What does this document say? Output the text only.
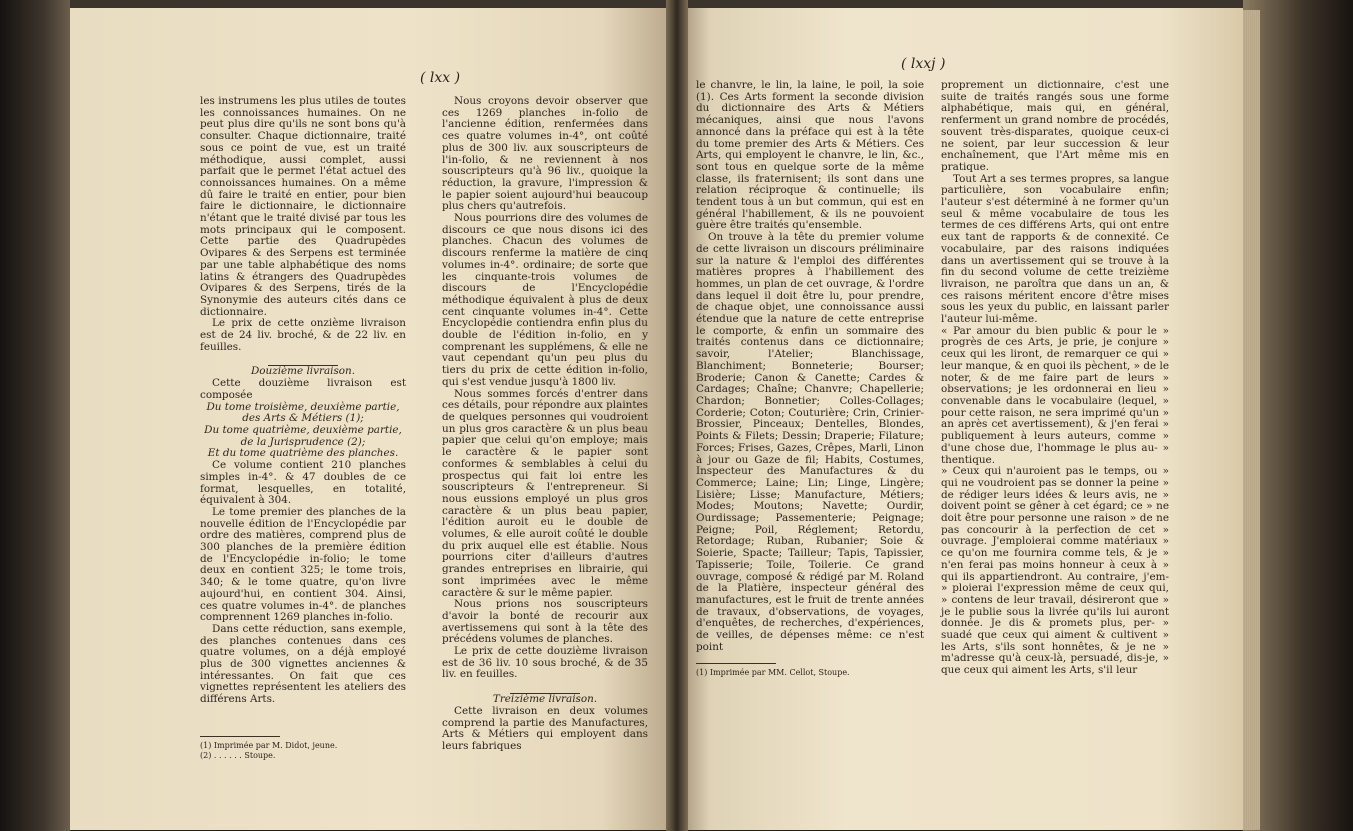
( lxx )

les instrumens les plus utiles de toutes les connoissances humaines. On ne peut plus dire qu'ils ne sont bons qu'à consulter. Chaque dictionnaire, traité sous ce point de vue, est un traité méthodique, aussi complet, aussi parfait que le permet l'état actuel des connoissances humaines. On a même dû faire le traité en entier, pour bien faire le dictionnaire, le dictionnaire n'étant que le traité divisé par tous les mots principaux qui le composent. Cette partie des Quadrupèdes Ovipares & des Serpens est terminée par une table alphabétique des noms latins & étrangers des Quadrupèdes Ovipares & des Serpens, tirés de la Synonymie des auteurs cités dans ce dictionnaire.

Le prix de cette onzième livraison est de 24 liv. broché, & de 22 liv. en feuilles.

Douzième livraison.

Cette douzième livraison est composée

Du tome troisième, deuxième partie, des Arts & Métiers (1);

Du tome quatrième, deuxième partie, de la Jurisprudence (2);

Et du tome quatrième des planches.

Ce volume contient 210 planches simples in-4°. & 47 doubles de ce format, lesquelles, en totalité, équivalent à 304.

Le tome premier des planches de la nouvelle édition de l'Encyclopédie par ordre des matières, comprend plus de 300 planches de la première édition de l'Encyclopédie in-folio; le tome deux en contient 325; le tome trois, 340; & le tome quatre, qu'on livre aujourd'hui, en contient 304. Ainsi, ces quatre volumes in-4°. de planches comprennent 1269 planches in-folio.

Dans cette réduction, sans exemple, des planches contenues dans ces quatre volumes, on a déjà employé plus de 300 vignettes anciennes & intéressantes. On fait que ces vignettes représentent les ateliers des différens Arts.

(1) Imprimée par M. Didot, jeune.

(2) . . . . . . Stoupe.

Nous croyons devoir observer que ces 1269 planches in-folio de l'ancienne édition, renfermées dans ces quatre volumes in-4°, ont coûté plus de 300 liv. aux souscripteurs de l'in-folio, & ne reviennent à nos souscripteurs qu'à 96 liv., quoique la réduction, la gravure, l'impression & le papier soient aujourd'hui beaucoup plus chers qu'autrefois.

Nous pourrions dire des volumes de discours ce que nous disons ici des planches. Chacun des volumes de discours renferme la matière de cinq volumes in-4°. ordinaire; de sorte que les cinquante-trois volumes de discours de l'Encyclopédie méthodique équivalent à plus de deux cent cinquante volumes in-4°. Cette Encyclopédie contiendra enfin plus du double de l'édition in-folio, en y comprenant les supplémens, & elle ne vaut cependant qu'un peu plus du tiers du prix de cette édition in-folio, qui s'est vendue jusqu'à 1800 liv.

Nous sommes forcés d'entrer dans ces détails, pour répondre aux plaintes de quelques personnes qui voudroient un plus gros caractère & un plus beau papier que celui qu'on employe; mais le caractère & le papier sont conformes & semblables à celui du prospectus qui fait loi entre les souscripteurs & l'entrepreneur. Si nous eussions employé un plus gros caractère & un plus beau papier, l'édition auroit eu le double de volumes, & elle auroit coûté le double du prix auquel elle est établie. Nous pourrions citer d'ailleurs d'autres grandes entreprises en librairie, qui sont imprimées avec le même caractère & sur le même papier.

Nous prions nos souscripteurs d'avoir la bonté de recourir aux avertissemens qui sont à la tête des précédens volumes de planches.

Le prix de cette douzième livraison est de 36 liv. 10 sous broché, & de 35 liv. en feuilles.

Treizième livraison.

Cette livraison en deux volumes comprend la partie des Manufactures, Arts & Métiers qui employent dans leurs fabriques

( lxxj )

le chanvre, le lin, la laine, le poil, la soie (1). Ces Arts forment la seconde division du dictionnaire des Arts & Métiers mécaniques, ainsi que nous l'avons annoncé dans la préface qui est à la tête du tome premier des Arts & Métiers. Ces Arts, qui employent le chanvre, le lin, &c., sont tous en quelque sorte de la même classe, ils fraternisent; ils sont dans une relation réciproque & continuelle; ils tendent tous à un but commun, qui est en général l'habillement, & ils ne pouvoient guère être traités qu'ensemble.

On trouve à la tête du premier volume de cette livraison un discours préliminaire sur la nature & l'emploi des différentes matières propres à l'habillement des hommes, un plan de cet ouvrage, & l'ordre dans lequel il doit être lu, pour prendre, de chaque objet, une connoissance aussi étendue que la nature de cette entreprise le comporte, & enfin un sommaire des traités contenus dans ce dictionnaire; savoir, l'Atelier; Blanchissage, Blanchiment; Bonneterie; Bourser; Broderie; Canon & Canette; Cardes & Cardages; Chaîne; Chanvre; Chapellerie; Chardon; Bonnetier; Colles-Collages; Corderie; Coton; Couturière; Crin, Crinier-Brossier, Pinceaux; Dentelles, Blondes, Points & Filets; Dessin; Draperie; Filature; Forces; Frises, Gazes, Crêpes, Marli, Linon à jour ou Gaze de fil; Habits, Costumes, Inspecteur des Manufactures & du Commerce; Laine; Lin; Linge, Lingère; Lisière; Lisse; Manufacture, Métiers; Modes; Moutons; Navette; Ourdir, Ourdissage; Passementerie; Peignage; Peigne; Poil, Réglement; Retordu, Retordage; Ruban, Rubanier; Soie & Soierie, Spacte; Tailleur; Tapis, Tapissier, Tapisserie; Toile, Toilerie. Ce grand ouvrage, composé & rédigé par M. Roland de la Platière, inspecteur général des manufactures, est le fruit de trente années de travaux, d'observations, de voyages, d'enquêtes, de recherches, d'expériences, de veilles, de dépenses même: ce n'est point

(1) Imprimée par MM. Cellot, Stoupe.

proprement un dictionnaire, c'est une suite de traités rangés sous une forme alphabétique, mais qui, en général, renferment un grand nombre de procédés, souvent très-disparates, quoique ceux-ci ne soient, par leur succession & leur enchaînement, que l'Art même mis en pratique.

Tout Art a ses termes propres, sa langue particulière, son vocabulaire enfin; l'auteur s'est déterminé à ne former qu'un seul & même vocabulaire de tous les termes de ces différens Arts, qui ont entre eux tant de rapports & de connexité. Ce vocabulaire, par des raisons indiquées dans un avertissement qui se trouve à la fin du second volume de cette treizième livraison, ne paroîtra que dans un an, & ces raisons méritent encore d'être mises sous les yeux du public, en laissant parler l'auteur lui-même.

« Par amour du bien public & pour le » progrès de ces Arts, je prie, je conjure » ceux qui les liront, de remarquer ce qui » leur manque, & en quoi ils pèchent, » de le noter, & de me faire part de leurs » observations; je les ordonnerai en lieu » convenable dans le vocabulaire (lequel, » pour cette raison, ne sera imprimé qu'un » an après cet avertissement), & j'en ferai » publiquement à leurs auteurs, comme » d'une chose due, l'hommage le plus au- » thentique.

» Ceux qui n'auroient pas le temps, ou » qui ne voudroient pas se donner la peine » de rédiger leurs idées & leurs avis, ne » doivent point se gêner à cet égard; ce » ne doit être pour personne une raison » de ne pas concourir à la perfection de cet » ouvrage. J'emploierai comme matériaux » ce qu'on me fournira comme tels, & je » n'en ferai pas moins honneur à ceux à » qui ils appartiendront. Au contraire, j'em- » ploierai l'expression même de ceux qui, » contens de leur travail, désireront que » je le publie sous la livrée qu'ils lui auront donnée. Je dis & promets plus, per- » suadé que ceux qui aiment & cultivent » les Arts, s'ils sont honnêtes, & je ne » m'adresse qu'à ceux-là, persuadé, dis-je, » que ceux qui aiment les Arts, s'il leur
